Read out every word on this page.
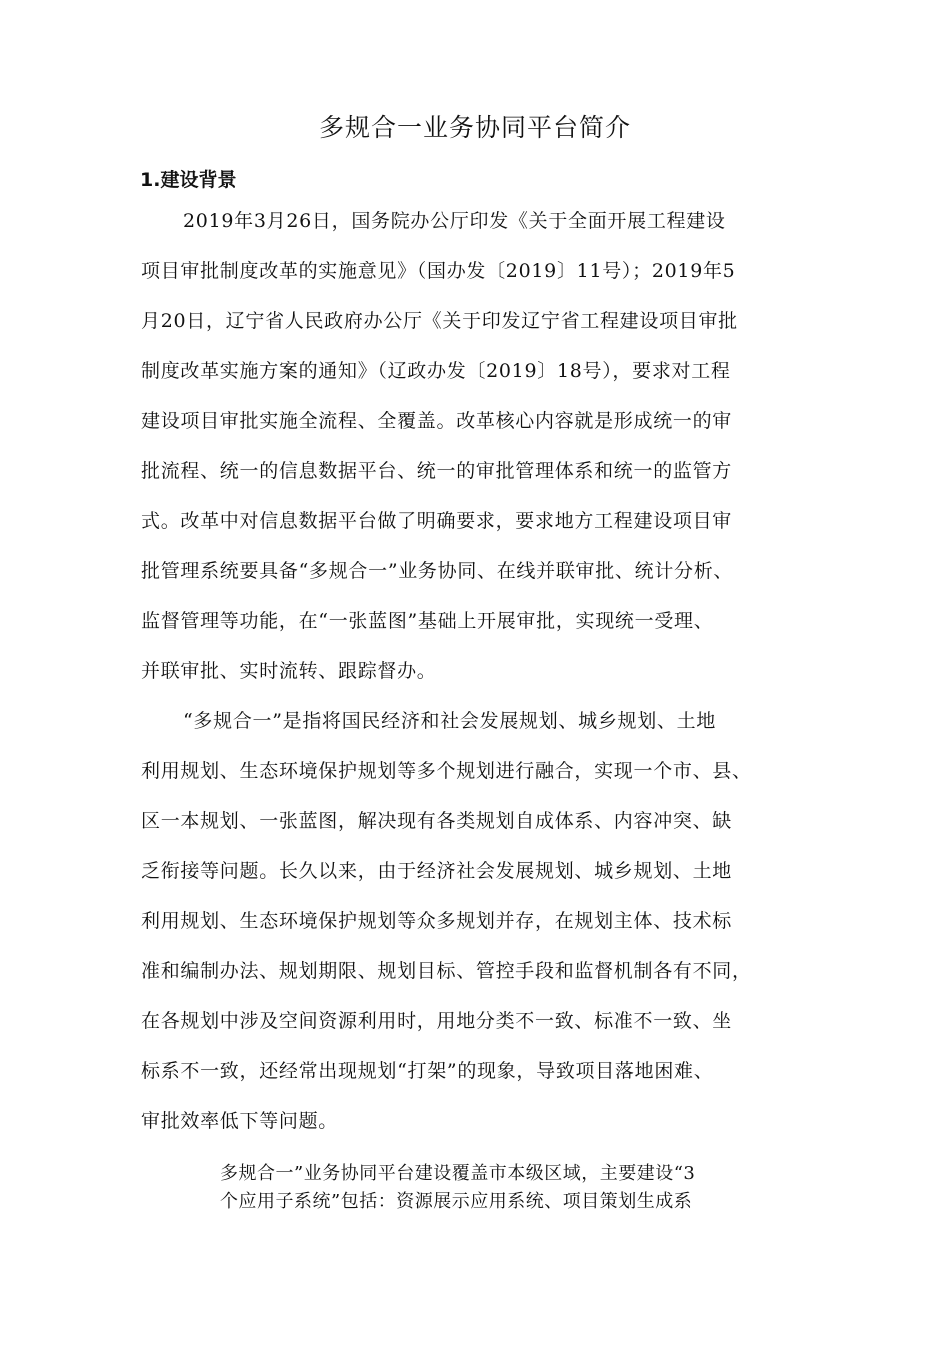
多规合一业务协同平台简介
1.建设背景
2019年3月26日，国务院办公厅印发《关于全面开展工程建设
项目审批制度改革的实施意见》（国办发〔2019〕11号）；2019年5
月20日，辽宁省人民政府办公厅《关于印发辽宁省工程建设项目审批
制度改革实施方案的通知》（辽政办发〔2019〕18号），要求对工程
建设项目审批实施全流程、全覆盖。改革核心内容就是形成统一的审
批流程、统一的信息数据平台、统一的审批管理体系和统一的监管方
式。改革中对信息数据平台做了明确要求，要求地方工程建设项目审
批管理系统要具备“多规合一”业务协同、在线并联审批、统计分析、
监督管理等功能，在“一张蓝图”基础上开展审批，实现统一受理、
并联审批、实时流转、跟踪督办。
“多规合一”是指将国民经济和社会发展规划、城乡规划、土地
利用规划、生态环境保护规划等多个规划进行融合，实现一个市、县、
区一本规划、一张蓝图，解决现有各类规划自成体系、内容冲突、缺
乏衔接等问题。长久以来，由于经济社会发展规划、城乡规划、土地
利用规划、生态环境保护规划等众多规划并存，在规划主体、技术标
准和编制办法、规划期限、规划目标、管控手段和监督机制各有不同，
在各规划中涉及空间资源利用时，用地分类不一致、标准不一致、坐
标系不一致，还经常出现规划“打架”的现象，导致项目落地困难、
审批效率低下等问题。
多规合一”业务协同平台建设覆盖市本级区域，主要建设“3
个应用子系统”包括：资源展示应用系统、项目策划生成系
